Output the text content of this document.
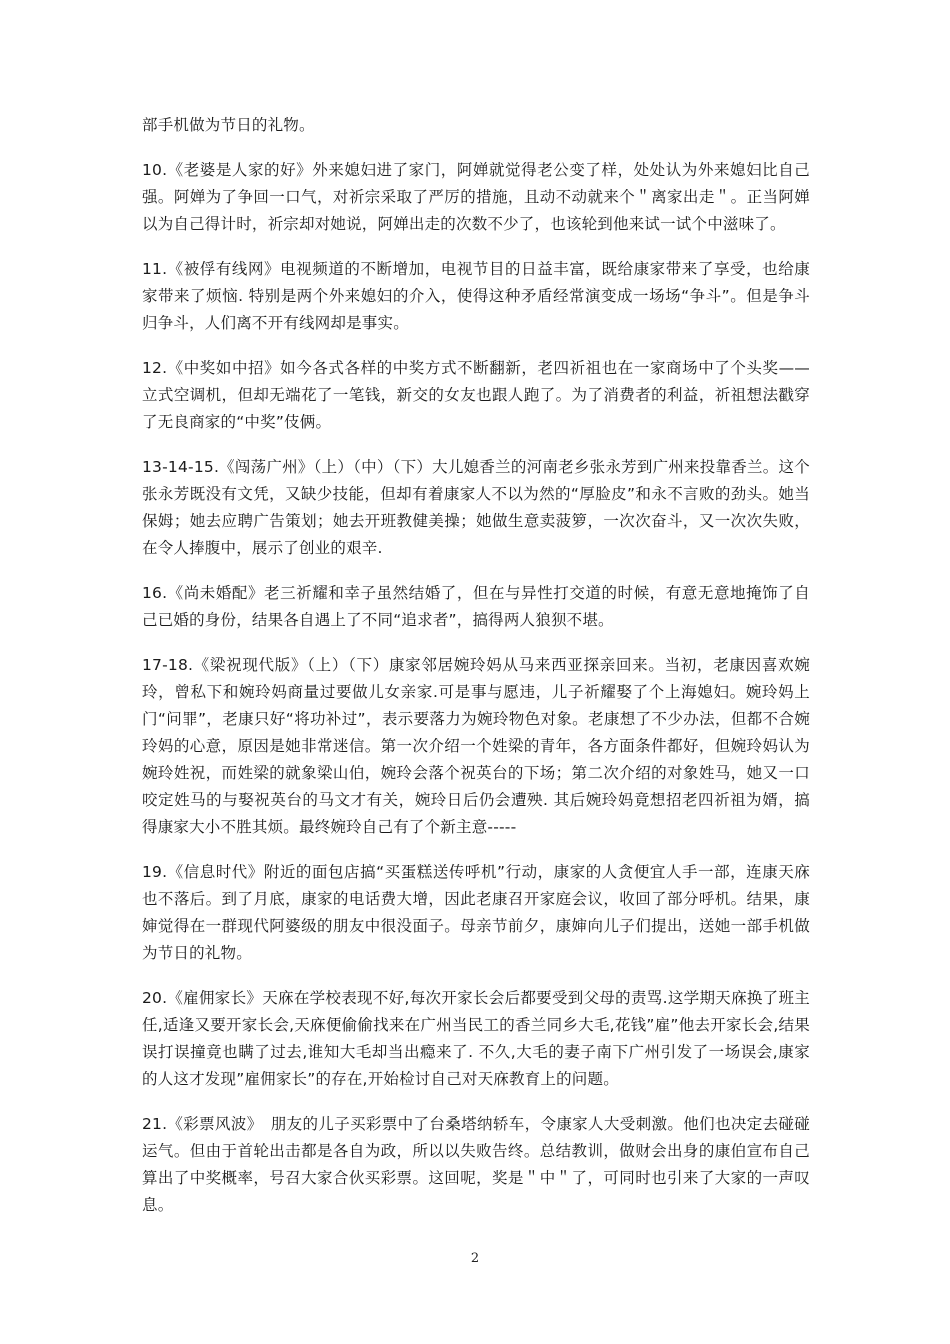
部手机做为节日的礼物。

10.《老婆是人家的好》外来媳妇进了家门，阿婵就觉得老公变了样，处处认为外来媳妇比自己强。阿婵为了争回一口气，对祈宗采取了严厉的措施，且动不动就来个＂离家出走＂。正当阿婵以为自己得计时，祈宗却对她说，阿婵出走的次数不少了，也该轮到他来试一试个中滋味了。

11.《被俘有线网》电视频道的不断增加，电视节目的日益丰富，既给康家带来了享受，也给康家带来了烦恼. 特别是两个外来媳妇的介入，使得这种矛盾经常演变成一场场“争斗”。但是争斗归争斗，人们离不开有线网却是事实。

12.《中奖如中招》如今各式各样的中奖方式不断翻新，老四祈祖也在一家商场中了个头奖——立式空调机，但却无端花了一笔钱，新交的女友也跟人跑了。为了消费者的利益，祈祖想法戳穿了无良商家的“中奖”伎俩。

13-14-15.《闯荡广州》（上）（中）（下）大儿媳香兰的河南老乡张永芳到广州来投靠香兰。这个张永芳既没有文凭，又缺少技能，但却有着康家人不以为然的“厚脸皮”和永不言败的劲头。她当保姆；她去应聘广告策划；她去开班教健美操；她做生意卖菠箩，一次次奋斗，又一次次失败，在令人捧腹中，展示了创业的艰辛.

16.《尚未婚配》老三祈耀和幸子虽然结婚了，但在与异性打交道的时候，有意无意地掩饰了自己已婚的身份，结果各自遇上了不同“追求者”，搞得两人狼狈不堪。

17-18.《梁祝现代版》（上）（下）康家邻居婉玲妈从马来西亚探亲回来。当初，老康因喜欢婉玲，曾私下和婉玲妈商量过要做儿女亲家.可是事与愿违，儿子祈耀娶了个上海媳妇。婉玲妈上门“问罪”，老康只好“将功补过”，表示要落力为婉玲物色对象。老康想了不少办法，但都不合婉玲妈的心意，原因是她非常迷信。第一次介绍一个姓梁的青年，各方面条件都好，但婉玲妈认为婉玲姓祝，而姓梁的就象梁山伯，婉玲会落个祝英台的下场；第二次介绍的对象姓马，她又一口咬定姓马的与娶祝英台的马文才有关，婉玲日后仍会遭殃. 其后婉玲妈竟想招老四祈祖为婿，搞得康家大小不胜其烦。最终婉玲自己有了个新主意-----

19.《信息时代》附近的面包店搞“买蛋糕送传呼机”行动，康家的人贪便宜人手一部，连康天庥也不落后。到了月底，康家的电话费大增，因此老康召开家庭会议，收回了部分呼机。结果，康婶觉得在一群现代阿婆级的朋友中很没面子。母亲节前夕，康婶向儿子们提出，送她一部手机做为节日的礼物。

20.《雇佣家长》天庥在学校表现不好,每次开家长会后都要受到父母的责骂.这学期天庥换了班主任,适逢又要开家长会,天庥便偷偷找来在广州当民工的香兰同乡大毛,花钱”雇”他去开家长会,结果误打误撞竟也瞒了过去,谁知大毛却当出瘾来了. 不久,大毛的妻子南下广州引发了一场误会,康家的人这才发现”雇佣家长”的存在,开始检讨自己对天庥教育上的问题。

21.《彩票风波》　朋友的儿子买彩票中了台桑塔纳轿车，令康家人大受刺激。他们也决定去碰碰运气。但由于首轮出击都是各自为政，所以以失败告终。总结教训，做财会出身的康伯宣布自己算出了中奖概率，号召大家合伙买彩票。这回呢，奖是＂中＂了，可同时也引来了大家的一声叹息。

2
